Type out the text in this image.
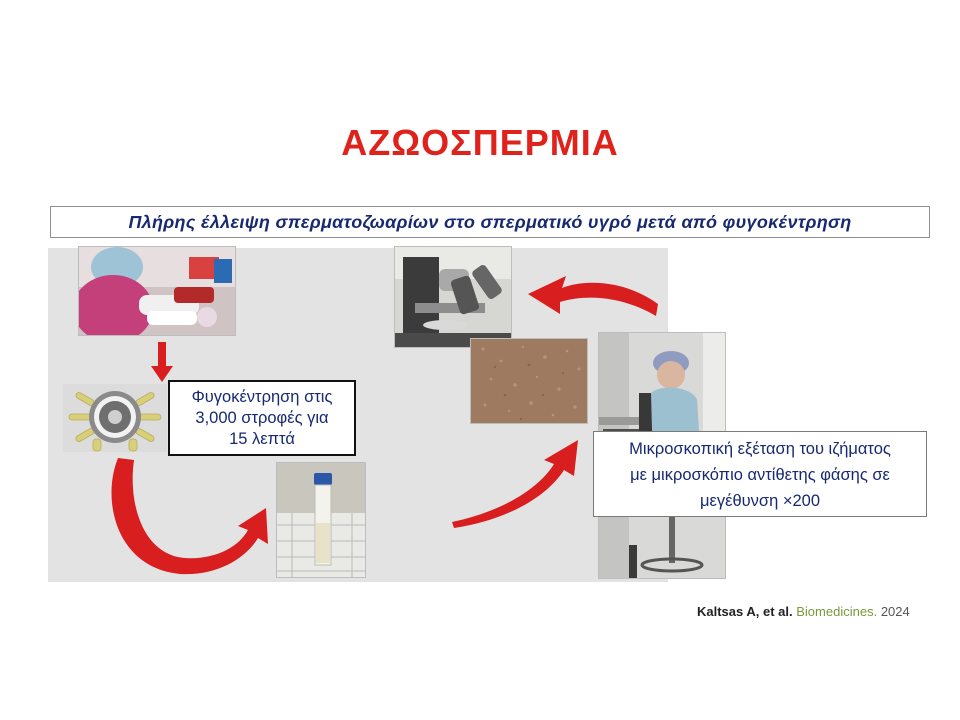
ΑΖΩΟΣΠΕΡΜΙΑ
Πλήρης έλλειψη σπερματοζωαρίων στο σπερματικό υγρό μετά από φυγοκέντρηση
Φυγοκέντρηση στις
3,000 στροφές για
15 λεπτά
Μικροσκοπική εξέταση του ιζήματος
με μικροσκόπιο αντίθετης φάσης σε
μεγέθυνση ×200
Kaltsas A, et al. Biomedicines. 2024
